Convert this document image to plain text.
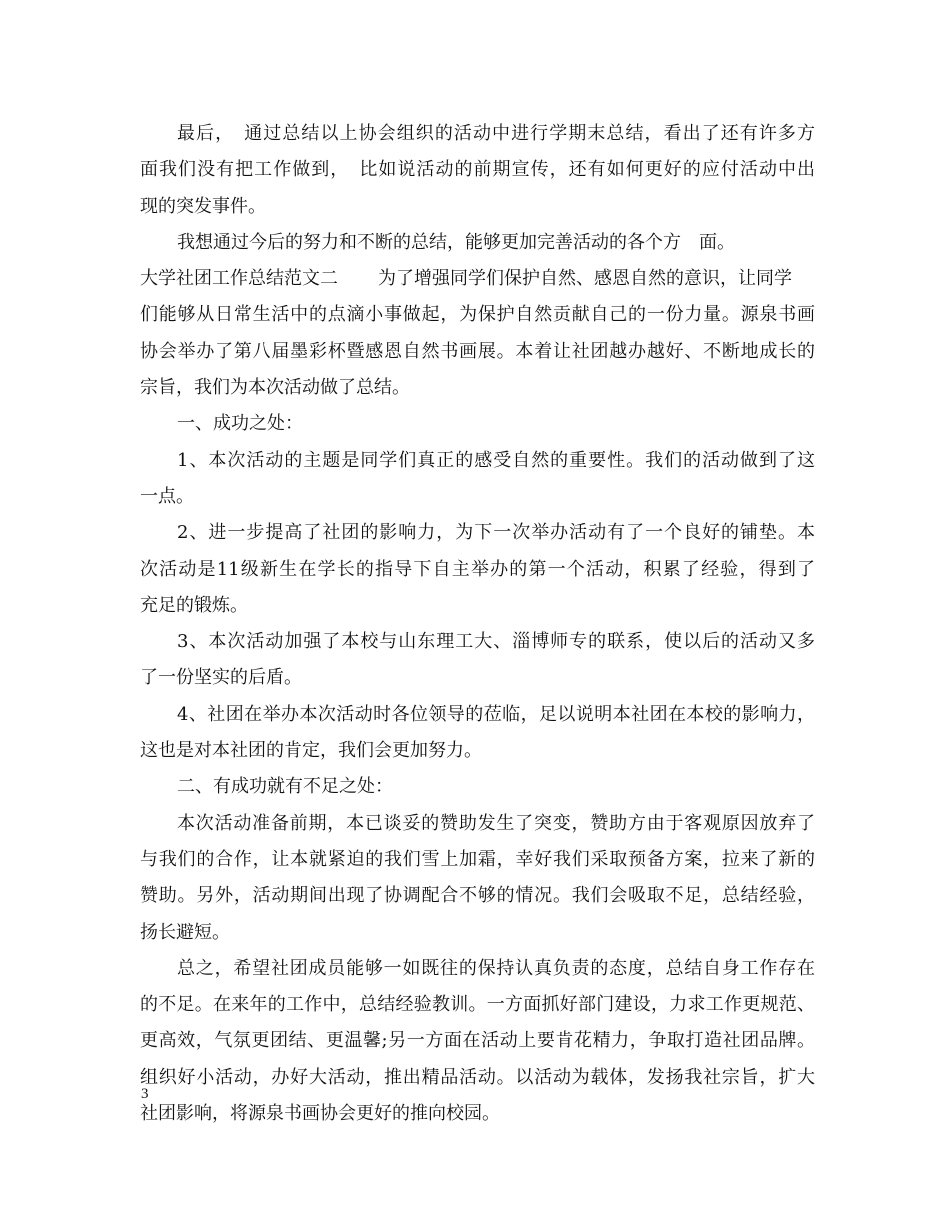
最后，　通过总结以上协会组织的活动中进行学期末总结，看出了还有许多方
面我们没有把工作做到，　比如说活动的前期宣传，还有如何更好的应付活动中出
现的突发事件。
我想通过今后的努力和不断的总结，能够更加完善活动的各个方　面。
大学社团工作总结范文二 为了增强同学们保护自然、感恩自然的意识，让同学
们能够从日常生活中的点滴小事做起，为保护自然贡献自己的一份力量。源泉书画
协会举办了第八届墨彩杯暨感恩自然书画展。本着让社团越办越好、不断地成长的
宗旨，我们为本次活动做了总结。
一、成功之处：
1、本次活动的主题是同学们真正的感受自然的重要性。我们的活动做到了这
一点。
2、进一步提高了社团的影响力，为下一次举办活动有了一个良好的铺垫。本
次活动是11级新生在学长的指导下自主举办的第一个活动，积累了经验，得到了
充足的锻炼。
3、本次活动加强了本校与山东理工大、淄博师专的联系，使以后的活动又多
了一份坚实的后盾。
4、社团在举办本次活动时各位领导的莅临，足以说明本社团在本校的影响力，
这也是对本社团的肯定，我们会更加努力。
二、有成功就有不足之处：
本次活动准备前期，本已谈妥的赞助发生了突变，赞助方由于客观原因放弃了
与我们的合作，让本就紧迫的我们雪上加霜，幸好我们采取预备方案，拉来了新的
赞助。另外，活动期间出现了协调配合不够的情况。我们会吸取不足，总结经验，
扬长避短。
总之，希望社团成员能够一如既往的保持认真负责的态度，总结自身工作存在
的不足。在来年的工作中，总结经验教训。一方面抓好部门建设，力求工作更规范、
更高效，气氛更团结、更温馨;另一方面在活动上要肯花精力，争取打造社团品牌。
组织好小活动，办好大活动，推出精品活动。以活动为载体，发扬我社宗旨，扩大
社团影响，将源泉书画协会更好的推向校园。
3
